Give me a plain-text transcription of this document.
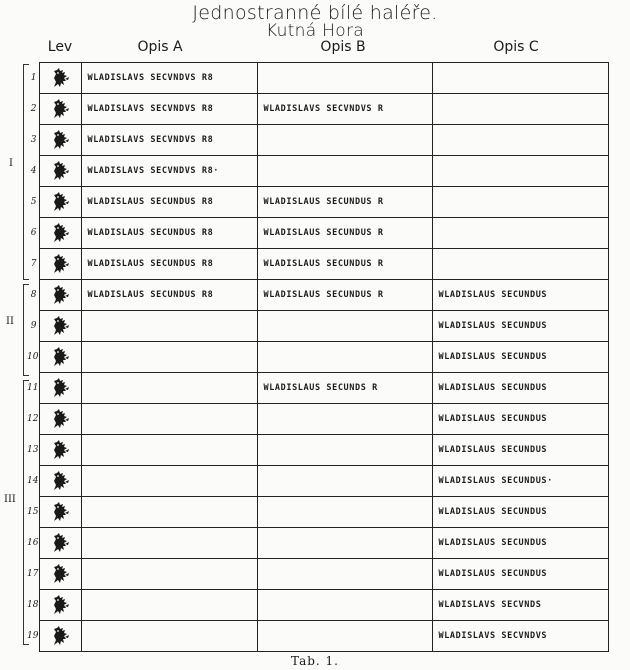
Jednostranné bílé haléře.
Kutná Hora
Lev	Opis A	Opis B	Opis C
I
II
III
1		WLADISLAVS SECVNDVS R8		
2		WLADISLAVS SECVNDVS R8	WLADISLAVS SECVNDVS R	
3		WLADISLAVS SECVNDVS R8		
4		WLADISLAVS SECVNDVS R8·		
5		WLADISLAUS SECUNDUS R8	WLADISLAUS SECUNDUS R	
6		WLADISLAUS SECUNDUS R8	WLADISLAUS SECUNDUS R	
7		WLADISLAUS SECUNDUS R8	WLADISLAUS SECUNDUS R	
8		WLADISLAUS SECUNDUS R8	WLADISLAUS SECUNDUS R	WLADISLAUS SECUNDUS
9				WLADISLAUS SECUNDUS
10				WLADISLAUS SECUNDUS
11			WLADISLAUS SECUNDS R	WLADISLAUS SECUNDUS
12				WLADISLAUS SECUNDUS
13				WLADISLAUS SECUNDUS
14				WLADISLAUS SECUNDUS·
15				WLADISLAUS SECUNDUS
16				WLADISLAUS SECUNDUS
17				WLADISLAUS SECUNDUS
18				WLADISLAVS SECVNDS
19				WLADISLAVS SECVNDVS
Tab. 1.
